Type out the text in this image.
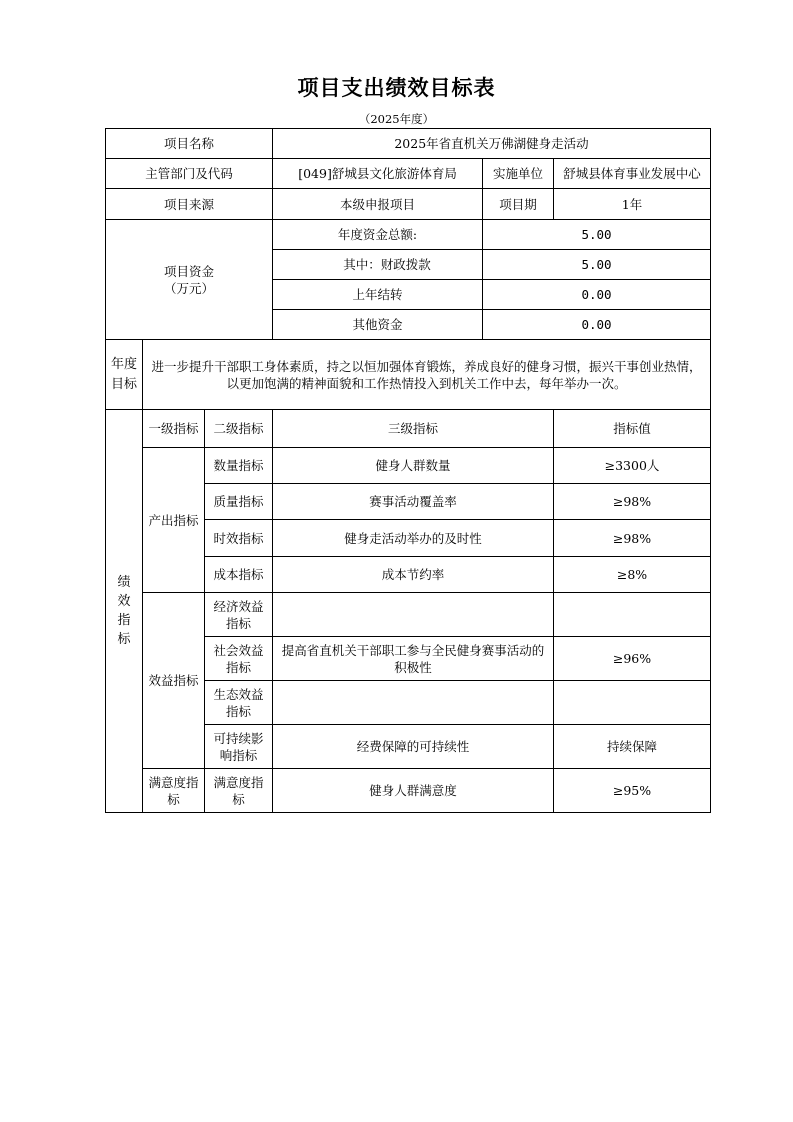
项目支出绩效目标表
（2025年度）
项目名称			2025年省直机关万佛湖健身走活动		
主管部门及代码			[049]舒城县文化旅游体育局	实施单位	舒城县体育事业发展中心
项目来源			本级申报项目	项目期	1年

项目资金
（万元）			年度资金总额:	5.00	
			其中：财政拨款	5.00	
			上年结转	0.00	
			其他资金	0.00	
年度目标	进一步提升干部职工身体素质，持之以恒加强体育锻炼，养成良好的健身习惯，振兴干事创业热情，以更加饱满的精神面貌和工作热情投入到机关工作中去，每年举办一次。				
绩效指标	一级指标	二级指标	三级指标		指标值
	产出指标	数量指标	健身人群数量		≥3300人
		质量指标	赛事活动覆盖率		≥98%
		时效指标	健身走活动举办的及时性		≥98%
		成本指标	成本节约率		≥8%
	效益指标	经济效益指标			
		社会效益指标	提高省直机关干部职工参与全民健身赛事活动的积极性		≥96%
		生态效益指标			
		可持续影响指标	经费保障的可持续性		持续保障
	满意度指标	满意度指标	健身人群满意度		≥95%
